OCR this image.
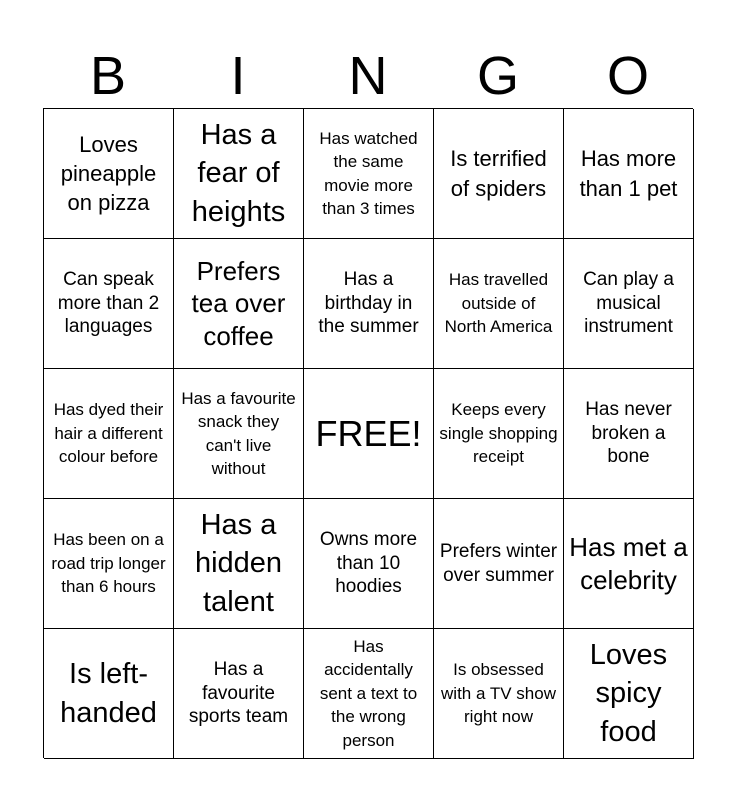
B	I	N	G	O
Loves pineapple on pizza
Has a fear of heights
Has watched the same movie more than 3 times
Is terrified of spiders
Has more than 1 pet
Can speak more than 2 languages
Prefers tea over coffee
Has a birthday in the summer
Has travelled outside of North America
Can play a musical instrument
Has dyed their hair a different colour before
Has a favourite snack they can't live without
FREE!
Keeps every single shopping receipt
Has never broken a bone
Has been on a road trip longer than 6 hours
Has a hidden talent
Owns more than 10 hoodies
Prefers winter over summer
Has met a celebrity
Is left-handed
Has a favourite sports team
Has accidentally sent a text to the wrong person
Is obsessed with a TV show right now
Loves spicy food
